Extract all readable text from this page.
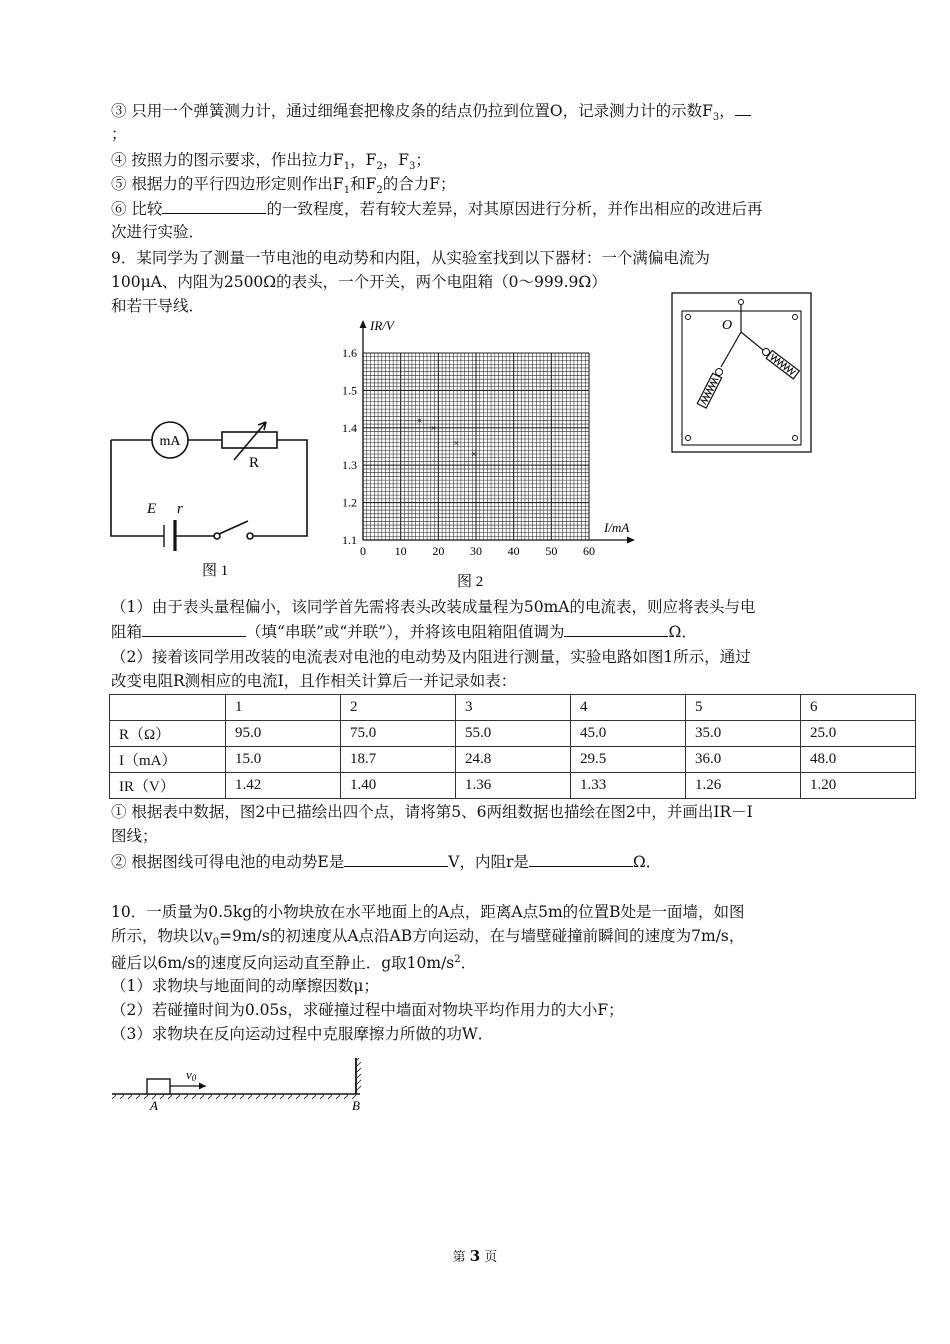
③ 只用一个弹簧测力计，通过细绳套把橡皮条的结点仍拉到位置O，记录测力计的示数$F_3$，
；
④ 按照力的图示要求，作出拉力$F_1$，$F_2$，$F_3$；
⑤ 根据力的平行四边形定则作出$F_1$和$F_2$的合力F；
⑥ 比较	的一致程度，若有较大差异，对其原因进行分析，并作出相应的改进后再
次进行实验．
9．某同学为了测量一节电池的电动势和内阻，从实验室找到以下器材：一个满偏电流为
100μA、内阻为2500Ω的表头，一个开关，两个电阻箱（0～999.9Ω）
和若干导线．
mA
R
E r
图 1
0 10 20 30 40 50 60
1.1
1.2
1.3
1.4
1.5
1.6
×
×
×
×
IR/V
I/mA
图 2
O
（1）由于表头量程偏小，该同学首先需将表头改装成量程为50mA的电流表，则应将表头与电
阻箱	（填“串联”或“并联”），并将该电阻箱阻值调为	Ω．
（2）接着该同学用改装的电流表对电池的电动势及内阻进行测量，实验电路如图1所示，通过
改变电阻R测相应的电流I，且作相关计算后一并记录如表：
	1	2	3	4	5	6
R（Ω）	95.0	75.0	55.0	45.0	35.0	25.0
I（mA）	15.0	18.7	24.8	29.5	36.0	48.0
IR（V）	1.42	1.40	1.36	1.33	1.26	1.20
① 根据表中数据，图2中已描绘出四个点，请将第5、6两组数据也描绘在图2中，并画出IR－I
图线；
② 根据图线可得电池的电动势E是	V，内阻r是	Ω．
10．一质量为0.5kg的小物块放在水平地面上的A点，距离A点5m的位置B处是一面墙，如图
所示，物块以$v_0=9m/s$的初速度从A点沿AB方向运动，在与墙壁碰撞前瞬间的速度为7m/s，
碰后以6m/s的速度反向运动直至静止．g取$10m/s^2$．
（1）求物块与地面间的动摩擦因数μ；
（2）若碰撞时间为0.05s，求碰撞过程中墙面对物块平均作用力的大小F；
（3）求物块在反向运动过程中克服摩擦力所做的功W．
v0
A	B
第 3 页
